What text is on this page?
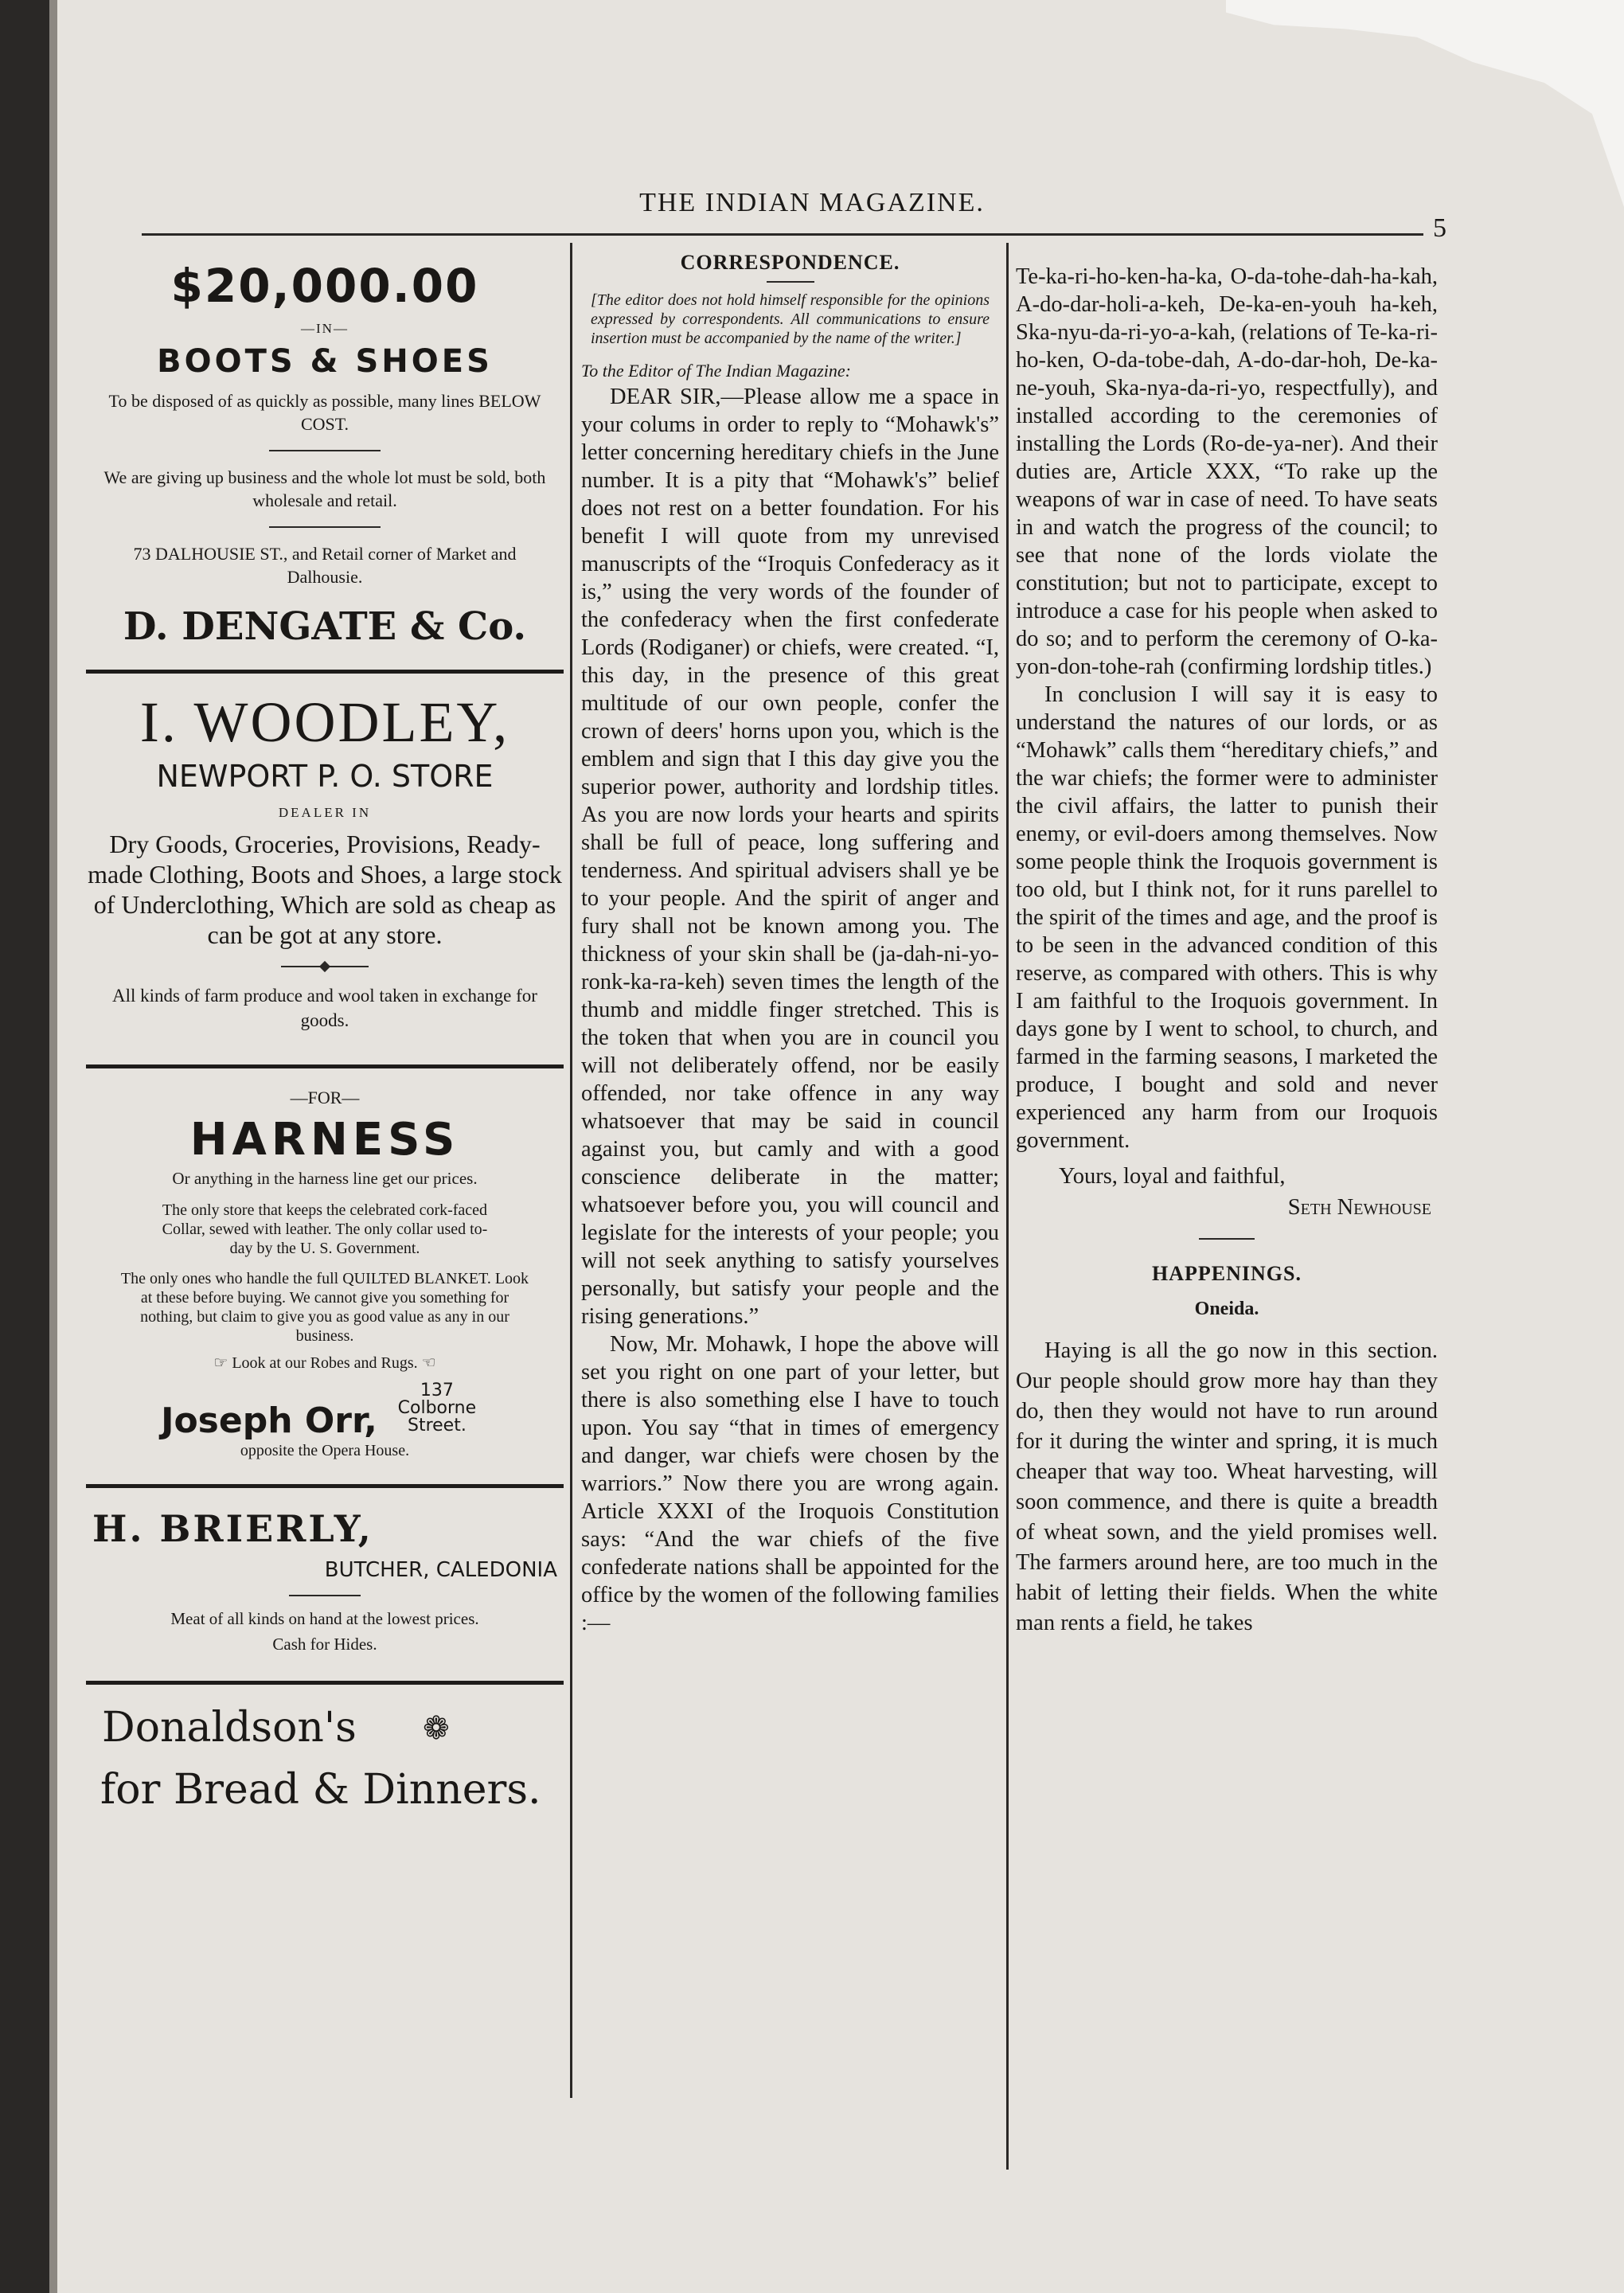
THE INDIAN MAGAZINE.
5
$20,000.00
—IN—
BOOTS & SHOES
To be disposed of as quickly as possible, many lines BELOW COST.
We are giving up business and the whole lot must be sold, both wholesale and retail.
73 DALHOUSIE ST., and Retail corner of Market and Dalhousie.
D. DENGATE & Co.
I. WOODLEY,
NEWPORT P. O. STORE
DEALER IN
Dry Goods, Groceries, Provisions, Ready-made Clothing, Boots and Shoes, a large stock of Underclothing, Which are sold as cheap as can be got at any store.
All kinds of farm produce and wool taken in exchange for goods.
—FOR—
HARNESS
Or anything in the harness line get our prices.
The only store that keeps the celebrated cork-faced Collar, sewed with leather. The only collar used to-day by the U. S. Government.
The only ones who handle the full QUILTED BLANKET. Look at these before buying. We cannot give you something for nothing, but claim to give you as good value as any in our business.
☞ Look at our Robes and Rugs. ☜
Joseph Orr,
137 Colborne Street.
opposite the Opera House.
H. BRIERLY,
BUTCHER, CALEDONIA
Meat of all kinds on hand at the lowest prices.
Cash for Hides.
Donaldson's	❁
for Bread & Dinners.
CORRESPONDENCE.
[The editor does not hold himself responsible for the opinions expressed by correspondents. All communications to ensure insertion must be accompanied by the name of the writer.]
To the Editor of The Indian Magazine:

DEAR SIR,—Please allow me a space in your colums in order to reply to “Mohawk's” letter concerning hereditary chiefs in the June number. It is a pity that “Mohawk's” belief does not rest on a better foundation. For his benefit I will quote from my unrevised manuscripts of the “Iroquis Confederacy as it is,” using the very words of the founder of the confederacy when the first confederate Lords (Rodiganer) or chiefs, were created. “I, this day, in the presence of this great multitude of our own people, confer the crown of deers' horns upon you, which is the emblem and sign that I this day give you the superior power, authority and lordship titles. As you are now lords your hearts and spirits shall be full of peace, long suffering and tenderness. And spiritual advisers shall ye be to your people. And the spirit of anger and fury shall not be known among you. The thickness of your skin shall be (ja-dah-ni-yo-ronk-ka-ra-keh) seven times the length of the thumb and middle finger stretched. This is the token that when you are in council you will not deliberately offend, nor be easily offended, nor take offence in any way whatsoever that may be said in council against you, but camly and with a good conscience deliberate in the matter; whatsoever before you, you will council and legislate for the interests of your people; you will not seek anything to satisfy yourselves personally, but satisfy your people and the rising generations.”

Now, Mr. Mohawk, I hope the above will set you right on one part of your letter, but there is also something else I have to touch upon. You say “that in times of emergency and danger, war chiefs were chosen by the warriors.” Now there you are wrong again. Article XXXI of the Iroquois Constitution says: “And the war chiefs of the five confederate nations shall be appointed for the office by the women of the following families :—

Te-ka-ri-ho-ken-ha-ka, O-da-tohe-dah-ha-kah, A-do-dar-holi-a-keh, De-ka-en-youh ha-keh, Ska-nyu-da-ri-yo-a-kah, (relations of Te-ka-ri-ho-ken, O-da-tobe-dah, A-do-dar-hoh, De-ka-ne-youh, Ska-nya-da-ri-yo, respectfully), and installed according to the ceremonies of installing the Lords (Ro-de-ya-ner). And their duties are, Article XXX, “To rake up the weapons of war in case of need. To have seats in and watch the progress of the council; to see that none of the lords violate the constitution; but not to participate, except to introduce a case for his people when asked to do so; and to perform the ceremony of O-ka-yon-don-tohe-rah (confirming lordship titles.)

In conclusion I will say it is easy to understand the natures of our lords, or as “Mohawk” calls them “hereditary chiefs,” and the war chiefs; the former were to administer the civil affairs, the latter to punish their enemy, or evil-doers among themselves. Now some people think the Iroquois government is too old, but I think not, for it runs parellel to the spirit of the times and age, and the proof is to be seen in the advanced condition of this reserve, as compared with others. This is why I am faithful to the Iroquois government. In days gone by I went to school, to church, and farmed in the farming seasons, I marketed the produce, I bought and sold and never experienced any harm from our Iroquois government.

Yours, loyal and faithful,
Seth Newhouse
HAPPENINGS.
Oneida.

Haying is all the go now in this section. Our people should grow more hay than they do, then they would not have to run around for it during the winter and spring, it is much cheaper that way too. Wheat harvesting, will soon commence, and there is quite a breadth of wheat sown, and the yield promises well. The farmers around here, are too much in the habit of letting their fields. When the white man rents a field, he takes
